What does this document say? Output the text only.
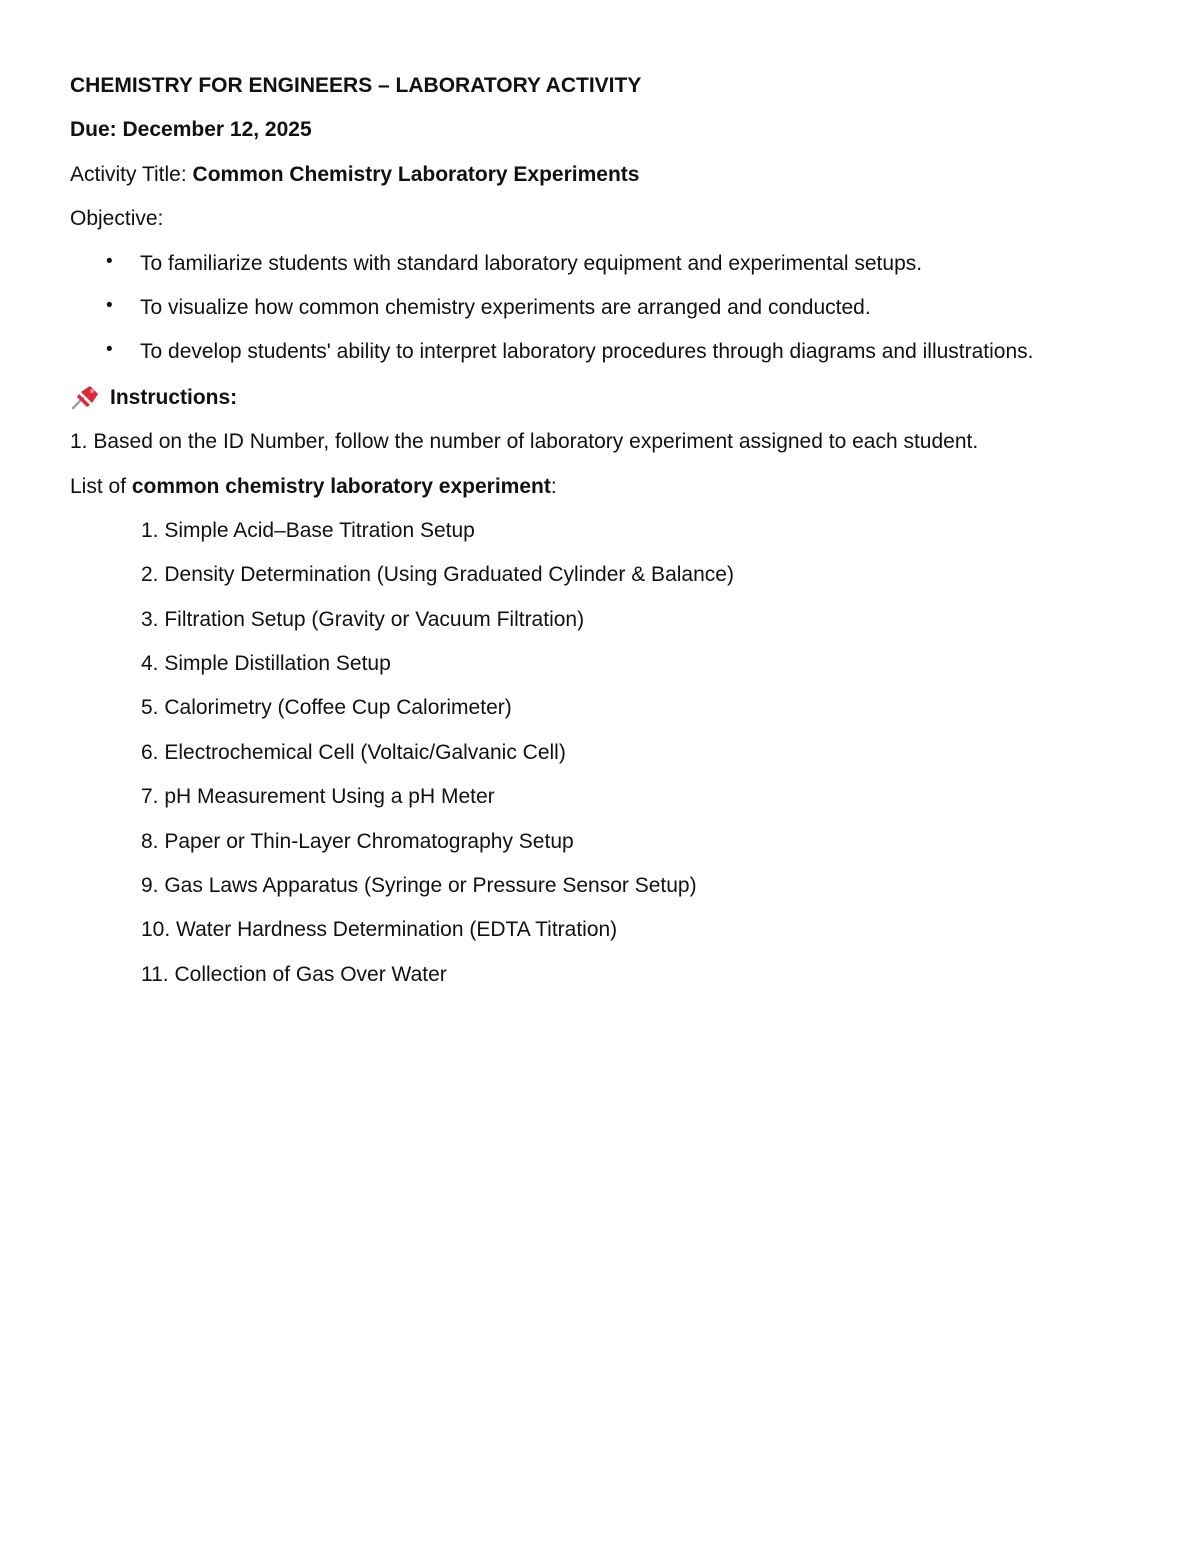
CHEMISTRY FOR ENGINEERS – LABORATORY ACTIVITY

Due: December 12, 2025

Activity Title: Common Chemistry Laboratory Experiments

Objective:

• To familiarize students with standard laboratory equipment and experimental setups.
• To visualize how common chemistry experiments are arranged and conducted.
• To develop students' ability to interpret laboratory procedures through diagrams and illustrations.

Instructions:

1. Based on the ID Number, follow the number of laboratory experiment assigned to each student.

List of common chemistry laboratory experiment:

1. Simple Acid–Base Titration Setup
2. Density Determination (Using Graduated Cylinder & Balance)
3. Filtration Setup (Gravity or Vacuum Filtration)
4. Simple Distillation Setup
5. Calorimetry (Coffee Cup Calorimeter)
6. Electrochemical Cell (Voltaic/Galvanic Cell)
7. pH Measurement Using a pH Meter
8. Paper or Thin-Layer Chromatography Setup
9. Gas Laws Apparatus (Syringe or Pressure Sensor Setup)
10. Water Hardness Determination (EDTA Titration)
11. Collection of Gas Over Water
